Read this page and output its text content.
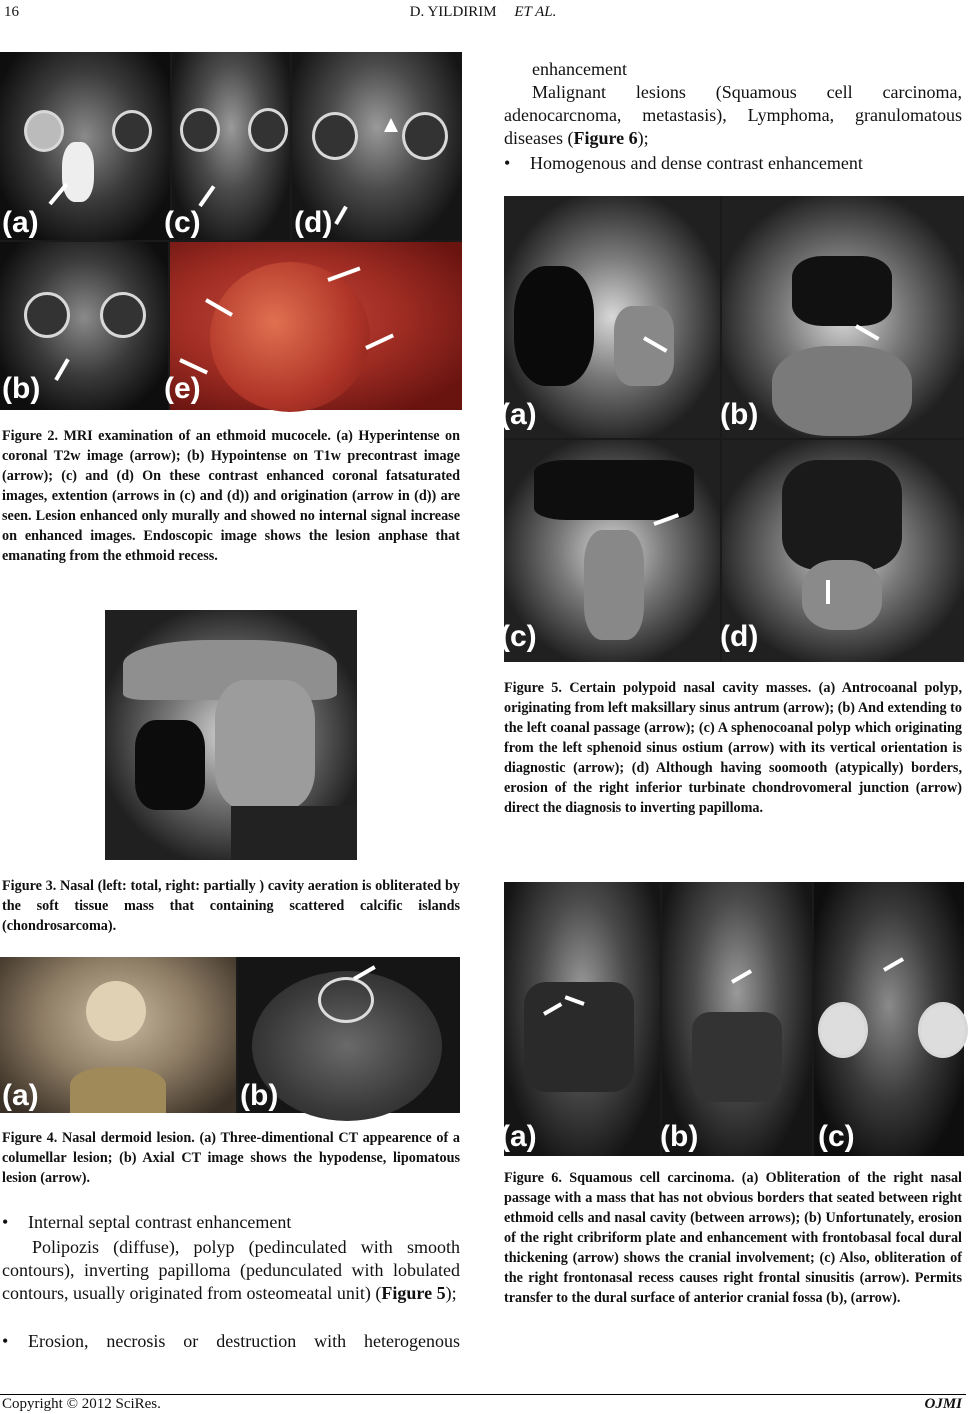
16	D. YILDIRIM ET AL.
(a)	(c)	(d)
(b)	(e)
Figure 2. MRI examination of an ethmoid mucocele. (a) Hyperintense on coronal T2w image (arrow); (b) Hypointense on T1w precontrast image (arrow); (c) and (d) On these contrast enhanced coronal fatsaturated images, extention (arrows in (c) and (d)) and origination (arrow in (d)) are seen. Lesion enhanced only murally and showed no internal signal increase on enhanced images. Endoscopic image shows the lesion anphase that emanating from the ethmoid recess.
Figure 3. Nasal (left: total, right: partially ) cavity aeration is obliterated by the soft tissue mass that containing scattered calcific islands (chondrosarcoma).
(a)	(b)
Figure 4. Nasal dermoid lesion. (a) Three-dimentional CT appearence of a columellar lesion; (b) Axial CT image shows the hypodense, lipomatous lesion (arrow).
• Internal septal contrast enhancement
Polipozis (diffuse), polyp (pedinculated with smooth contours), inverting papilloma (pedunculated with lobulated contours, usually originated from osteomeatal unit) (Figure 5);
• Erosion, necrosis or destruction with heterogenous
enhancement
Malignant lesions (Squamous cell carcinoma, adenocarcnoma, metastasis), Lymphoma, granulomatous diseases (Figure 6);
• Homogenous and dense contrast enhancement
(a)	(b)
(c)	(d)
Figure 5. Certain polypoid nasal cavity masses. (a) Antrocoanal polyp, originating from left maksillary sinus antrum (arrow); (b) And extending to the left coanal passage (arrow); (c) A sphenocoanal polyp which originating from the left sphenoid sinus ostium (arrow) with its vertical orientation is diagnostic (arrow); (d) Although having soomooth (atypically) borders, erosion of the right inferior turbinate chondrovomeral junction (arrow) direct the diagnosis to inverting papilloma.
(a)	(b)	(c)
Figure 6. Squamous cell carcinoma. (a) Obliteration of the right nasal passage with a mass that has not obvious borders that seated between right ethmoid cells and nasal cavity (between arrows); (b) Unfortunately, erosion of the right cribriform plate and enhancement with frontobasal focal dural thickening (arrow) shows the cranial involvement; (c) Also, obliteration of the right frontonasal recess causes right frontal sinusitis (arrow). Permits transfer to the dural surface of anterior cranial fossa (b), (arrow).
Copyright © 2012 SciRes.	OJMI
